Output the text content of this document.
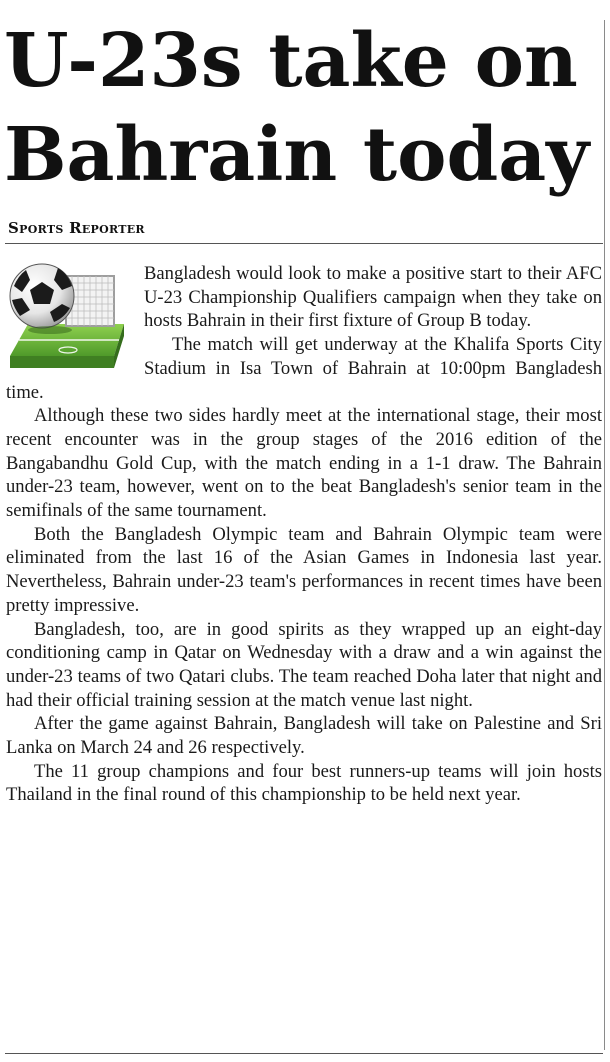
U-23s take on
Bahrain today
Sports Reporter

Bangladesh would look to make a positive start to their AFC U-23 Championship Qualifiers campaign when they take on hosts Bahrain in their first fixture of Group B today.

The match will get underway at the Khalifa Sports City Stadium in Isa Town of Bahrain at 10:00pm Bangladesh time.

Although these two sides hardly meet at the international stage, their most recent encounter was in the group stages of the 2016 edition of the Bangabandhu Gold Cup, with the match ending in a 1-1 draw. The Bahrain under-23 team, however, went on to the beat Bangladesh's senior team in the semifinals of the same tournament.

Both the Bangladesh Olympic team and Bahrain Olympic team were eliminated from the last 16 of the Asian Games in Indonesia last year. Nevertheless, Bahrain under-23 team's performances in recent times have been pretty impressive.

Bangladesh, too, are in good spirits as they wrapped up an eight-day conditioning camp in Qatar on Wednesday with a draw and a win against the under-23 teams of two Qatari clubs. The team reached Doha later that night and had their official training session at the match venue last night.

After the game against Bahrain, Bangladesh will take on Palestine and Sri Lanka on March 24 and 26 respectively.

The 11 group champions and four best runners-up teams will join hosts Thailand in the final round of this championship to be held next year.
